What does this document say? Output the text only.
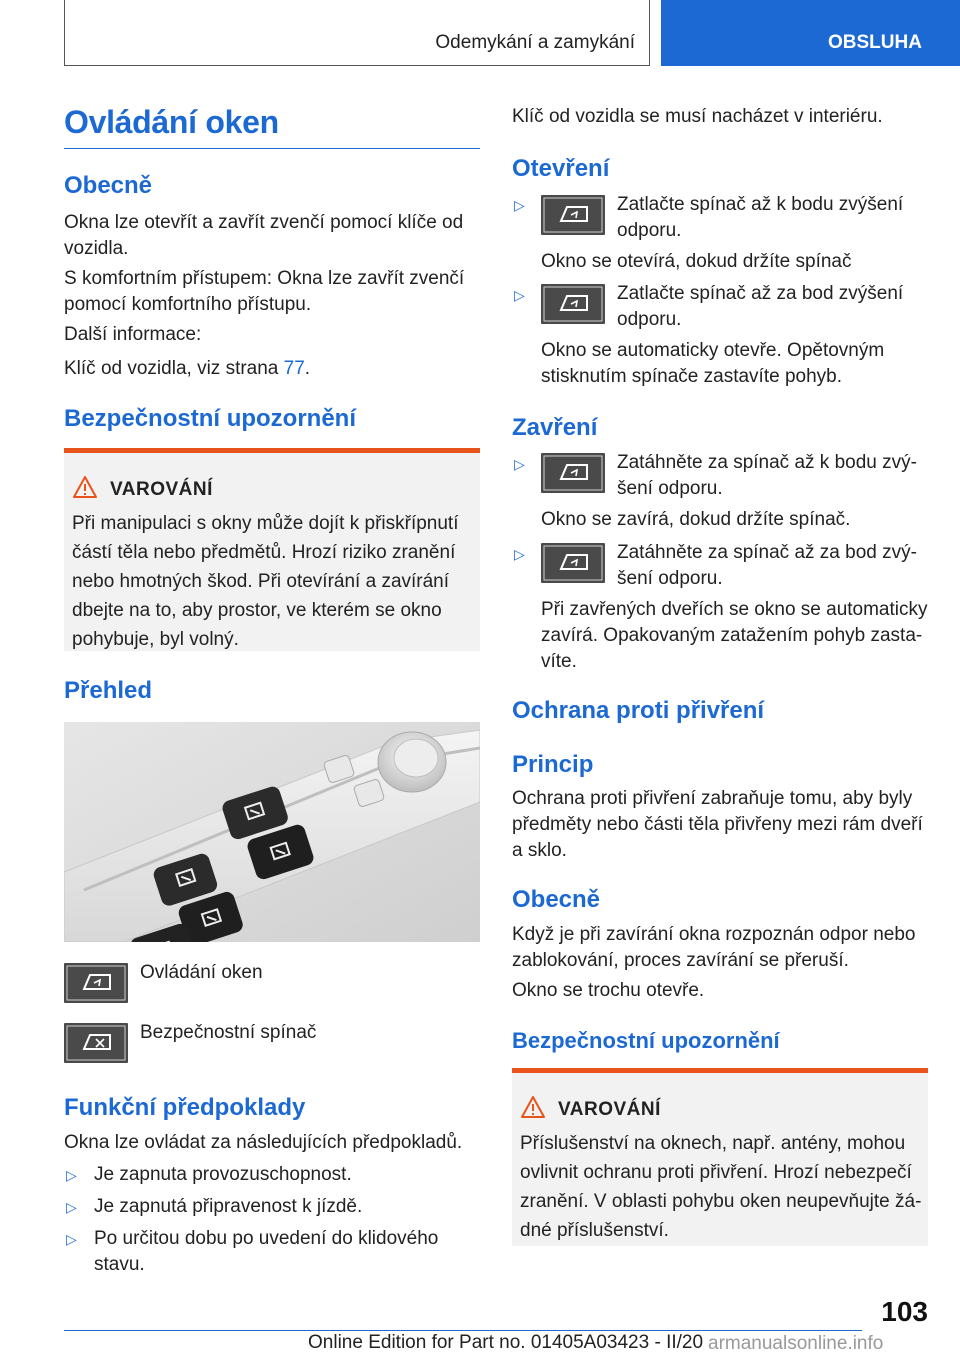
Odemykání a zamykání	OBSLUHA
Ovládání oken
Obecně
Okna lze otevřít a zavřít zvenčí pomocí klíče od vozidla.
S komfortním přístupem: Okna lze zavřít zvenčí pomocí komfortního přístupu.
Další informace:
Klíč od vozidla, viz strana 77.
Bezpečnostní upozornění
VAROVÁNÍ
Při manipulaci s okny může dojít k přiskřípnutí částí těla nebo předmětů. Hrozí riziko zranění nebo hmotných škod. Při otevírání a zavírání dbejte na to, aby prostor, ve kterém se okno pohybuje, byl volný.
Přehled
Ovládání oken
Bezpečnostní spínač
Funkční předpoklady
Okna lze ovládat za následujících předpokladů.
▷ Je zapnuta provozuschopnost.
▷ Je zapnutá připravenost k jízdě.
▷ Po určitou dobu po uvedení do klidového stavu.
Klíč od vozidla se musí nacházet v interiéru.
Otevření
▷	Zatlačte spínač až k bodu zvýšení odporu.
Okno se otevírá, dokud držíte spínač
▷	Zatlačte spínač až za bod zvýšení odporu.
Okno se automaticky otevře. Opětovným stisknutím spínače zastavíte pohyb.
Zavření
▷	Zatáhněte za spínač až k bodu zvýšení odporu.
Okno se zavírá, dokud držíte spínač.
▷	Zatáhněte za spínač až za bod zvýšení odporu.
Při zavřených dveřích se okno se automaticky zavírá. Opakovaným zatažením pohyb zastavíte.
Ochrana proti přivření
Princip
Ochrana proti přivření zabraňuje tomu, aby byly předměty nebo části těla přivřeny mezi rám dveří a sklo.
Obecně
Když je při zavírání okna rozpoznán odpor nebo zablokování, proces zavírání se přeruší.
Okno se trochu otevře.
Bezpečnostní upozornění
VAROVÁNÍ
Příslušenství na oknech, např. antény, mohou ovlivnit ochranu proti přivření. Hrozí nebezpečí zranění. V oblasti pohybu oken neupevňujte žádné příslušenství.
103
Online Edition for Part no. 01405A03423 - II/20 armanualsonline.info
